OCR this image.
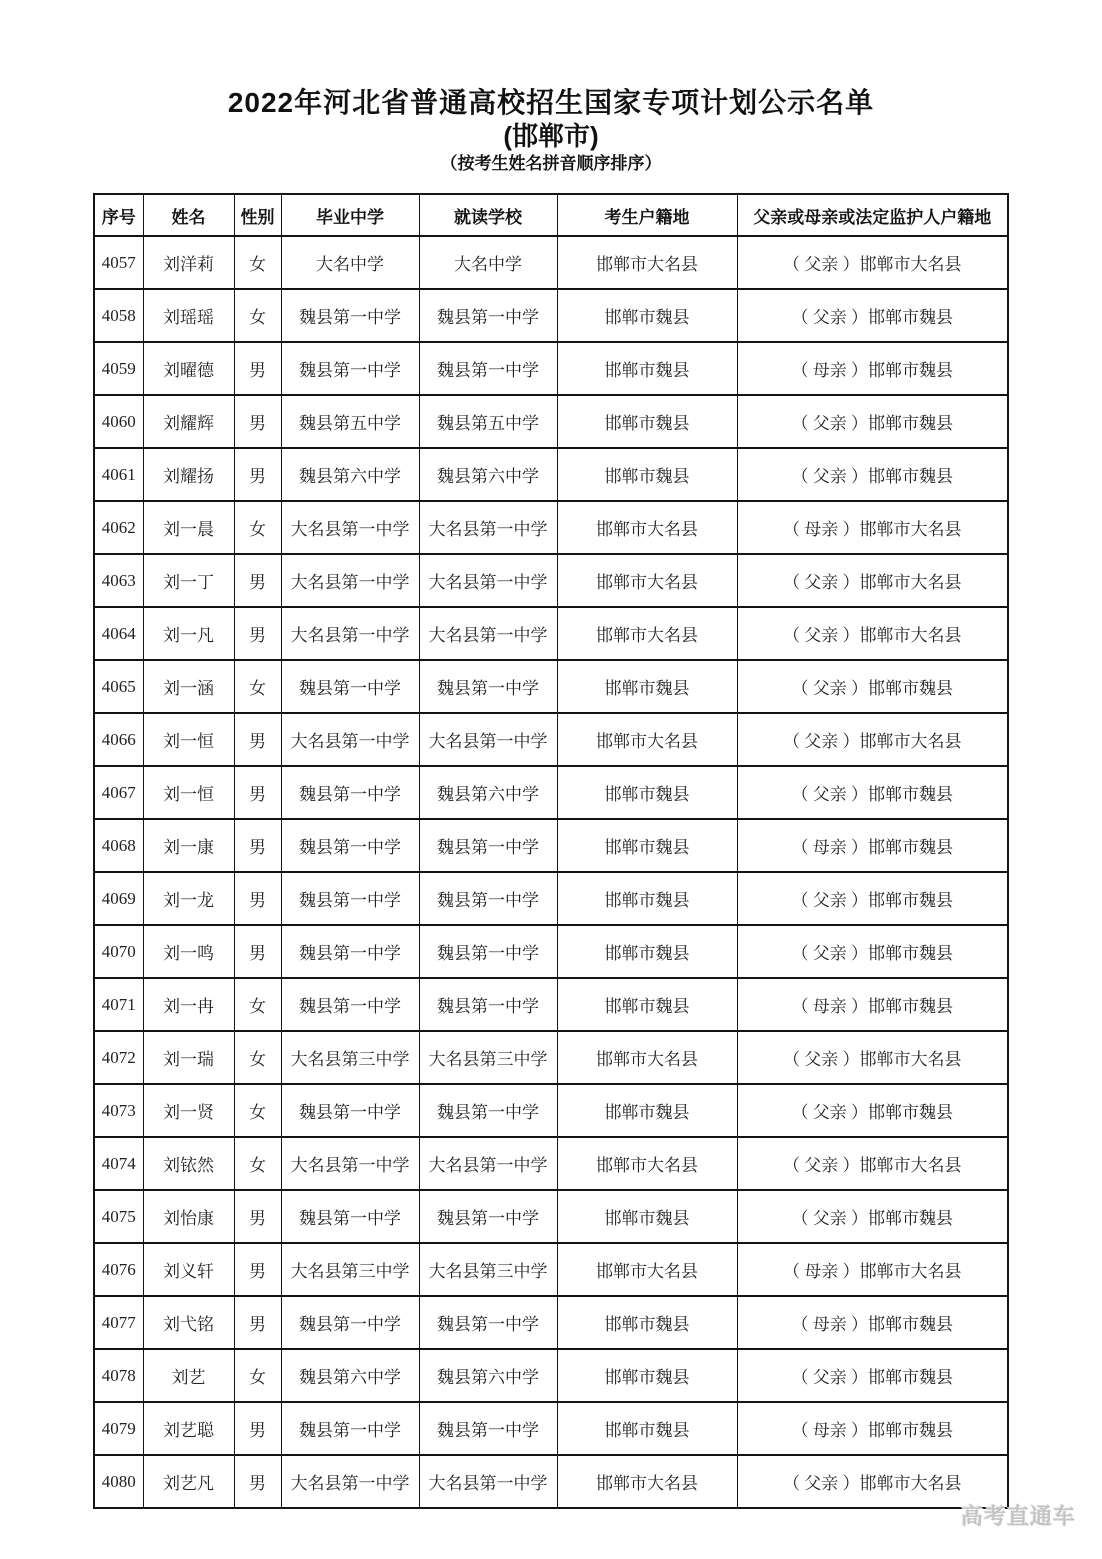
2022年河北省普通高校招生国家专项计划公示名单
(邯郸市)
（按考生姓名拼音顺序排序）
序号	姓名	性别	毕业中学	就读学校	考生户籍地	父亲或母亲或法定监护人户籍地
4057	刘洋莉	女	大名中学	大名中学	邯郸市大名县	（ 父亲 ）邯郸市大名县
4058	刘瑶瑶	女	魏县第一中学	魏县第一中学	邯郸市魏县	（ 父亲 ）邯郸市魏县
4059	刘曜德	男	魏县第一中学	魏县第一中学	邯郸市魏县	（ 母亲 ）邯郸市魏县
4060	刘耀辉	男	魏县第五中学	魏县第五中学	邯郸市魏县	（ 父亲 ）邯郸市魏县
4061	刘耀扬	男	魏县第六中学	魏县第六中学	邯郸市魏县	（ 父亲 ）邯郸市魏县
4062	刘一晨	女	大名县第一中学	大名县第一中学	邯郸市大名县	（ 母亲 ）邯郸市大名县
4063	刘一丁	男	大名县第一中学	大名县第一中学	邯郸市大名县	（ 父亲 ）邯郸市大名县
4064	刘一凡	男	大名县第一中学	大名县第一中学	邯郸市大名县	（ 父亲 ）邯郸市大名县
4065	刘一涵	女	魏县第一中学	魏县第一中学	邯郸市魏县	（ 父亲 ）邯郸市魏县
4066	刘一恒	男	大名县第一中学	大名县第一中学	邯郸市大名县	（ 父亲 ）邯郸市大名县
4067	刘一恒	男	魏县第一中学	魏县第六中学	邯郸市魏县	（ 父亲 ）邯郸市魏县
4068	刘一康	男	魏县第一中学	魏县第一中学	邯郸市魏县	（ 母亲 ）邯郸市魏县
4069	刘一龙	男	魏县第一中学	魏县第一中学	邯郸市魏县	（ 父亲 ）邯郸市魏县
4070	刘一鸣	男	魏县第一中学	魏县第一中学	邯郸市魏县	（ 父亲 ）邯郸市魏县
4071	刘一冉	女	魏县第一中学	魏县第一中学	邯郸市魏县	（ 母亲 ）邯郸市魏县
4072	刘一瑞	女	大名县第三中学	大名县第三中学	邯郸市大名县	（ 父亲 ）邯郸市大名县
4073	刘一贤	女	魏县第一中学	魏县第一中学	邯郸市魏县	（ 父亲 ）邯郸市魏县
4074	刘铱然	女	大名县第一中学	大名县第一中学	邯郸市大名县	（ 父亲 ）邯郸市大名县
4075	刘怡康	男	魏县第一中学	魏县第一中学	邯郸市魏县	（ 父亲 ）邯郸市魏县
4076	刘义轩	男	大名县第三中学	大名县第三中学	邯郸市大名县	（ 母亲 ）邯郸市大名县
4077	刘弋铭	男	魏县第一中学	魏县第一中学	邯郸市魏县	（ 母亲 ）邯郸市魏县
4078	刘艺	女	魏县第六中学	魏县第六中学	邯郸市魏县	（ 父亲 ）邯郸市魏县
4079	刘艺聪	男	魏县第一中学	魏县第一中学	邯郸市魏县	（ 母亲 ）邯郸市魏县
4080	刘艺凡	男	大名县第一中学	大名县第一中学	邯郸市大名县	（ 父亲 ）邯郸市大名县
高考直通车
